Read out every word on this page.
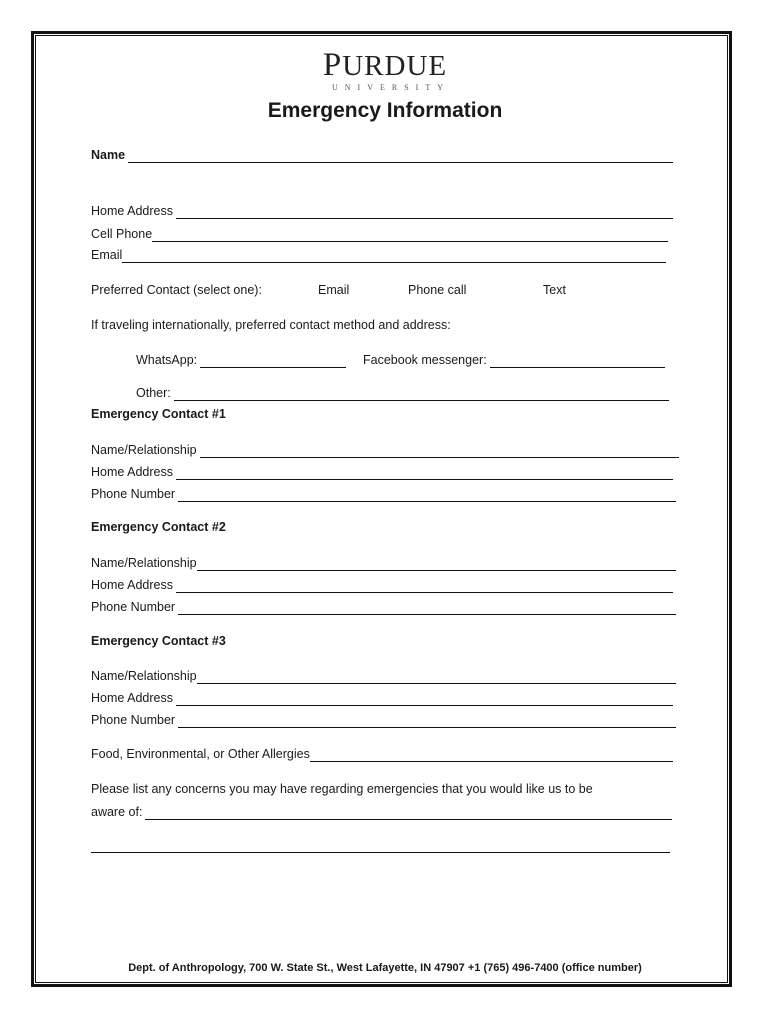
PURDUE
UNIVERSITY
Emergency Information
Name
Home Address
Cell Phone
Email
Preferred Contact (select one):	Email	Phone call	Text
If traveling internationally, preferred contact method and address:
WhatsApp:	Facebook messenger:
Other:
Emergency Contact #1
Name/Relationship
Home Address
Phone Number
Emergency Contact #2
Name/Relationship
Home Address
Phone Number
Emergency Contact #3
Name/Relationship
Home Address
Phone Number
Food, Environmental, or Other Allergies
Please list any concerns you may have regarding emergencies that you would like us to be
aware of:
Dept. of Anthropology, 700 W. State St., West Lafayette, IN 47907 +1 (765) 496-7400 (office number)
